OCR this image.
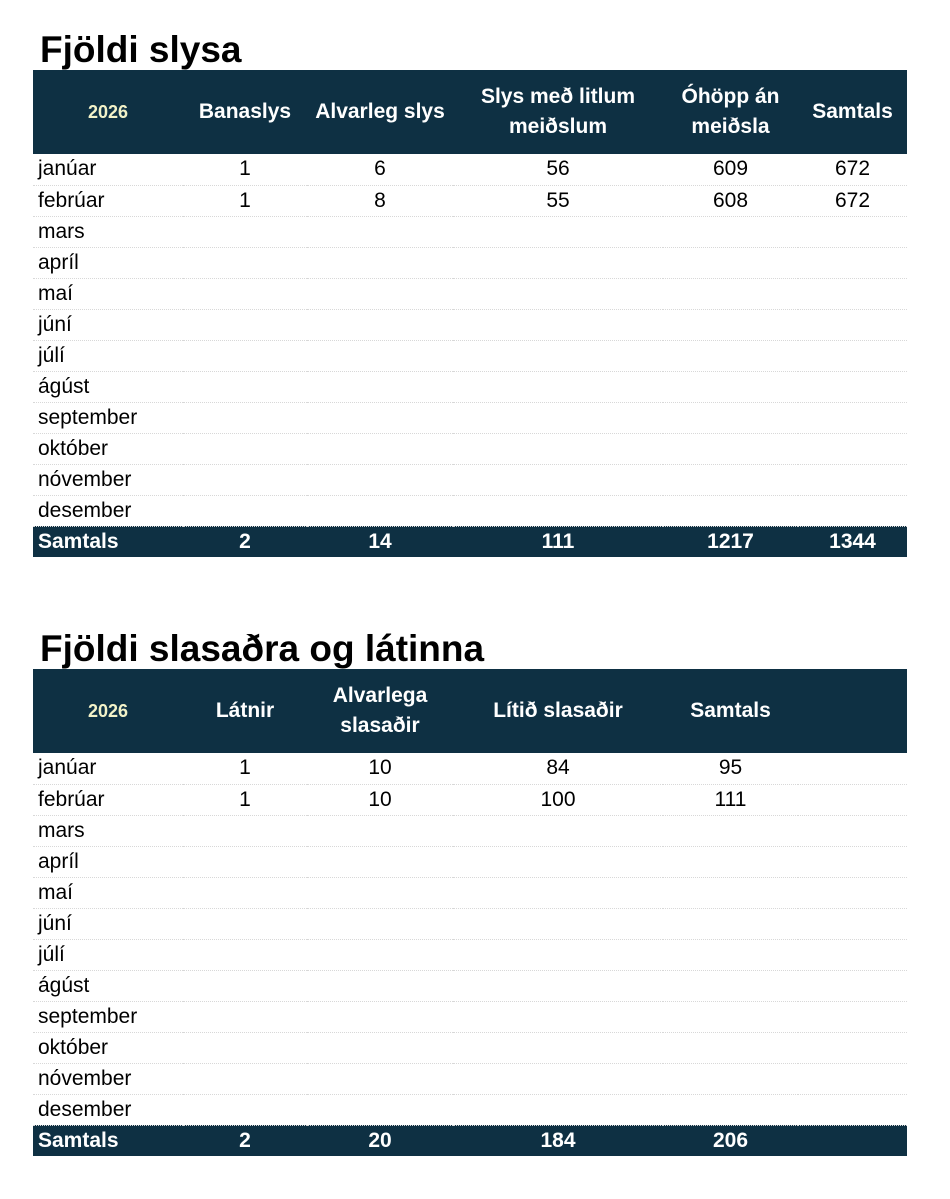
Fjöldi slysa
2026	Banaslys	Alvarleg slys	Slys með litlum meiðslum	Óhöpp án meiðsla	Samtals
janúar	1	6	56	609	672
febrúar	1	8	55	608	672
mars					
apríl					
maí					
júní					
júlí					
ágúst					
september					
október					
nóvember					
desember					
Samtals	2	14	111	1217	1344
Fjöldi slasaðra og látinna
2026	Látnir	Alvarlega slasaðir	Lítið slasaðir	Samtals	
janúar	1	10	84	95	
febrúar	1	10	100	111	
mars					
apríl					
maí					
júní					
júlí					
ágúst					
september					
október					
nóvember					
desember					
Samtals	2	20	184	206	
